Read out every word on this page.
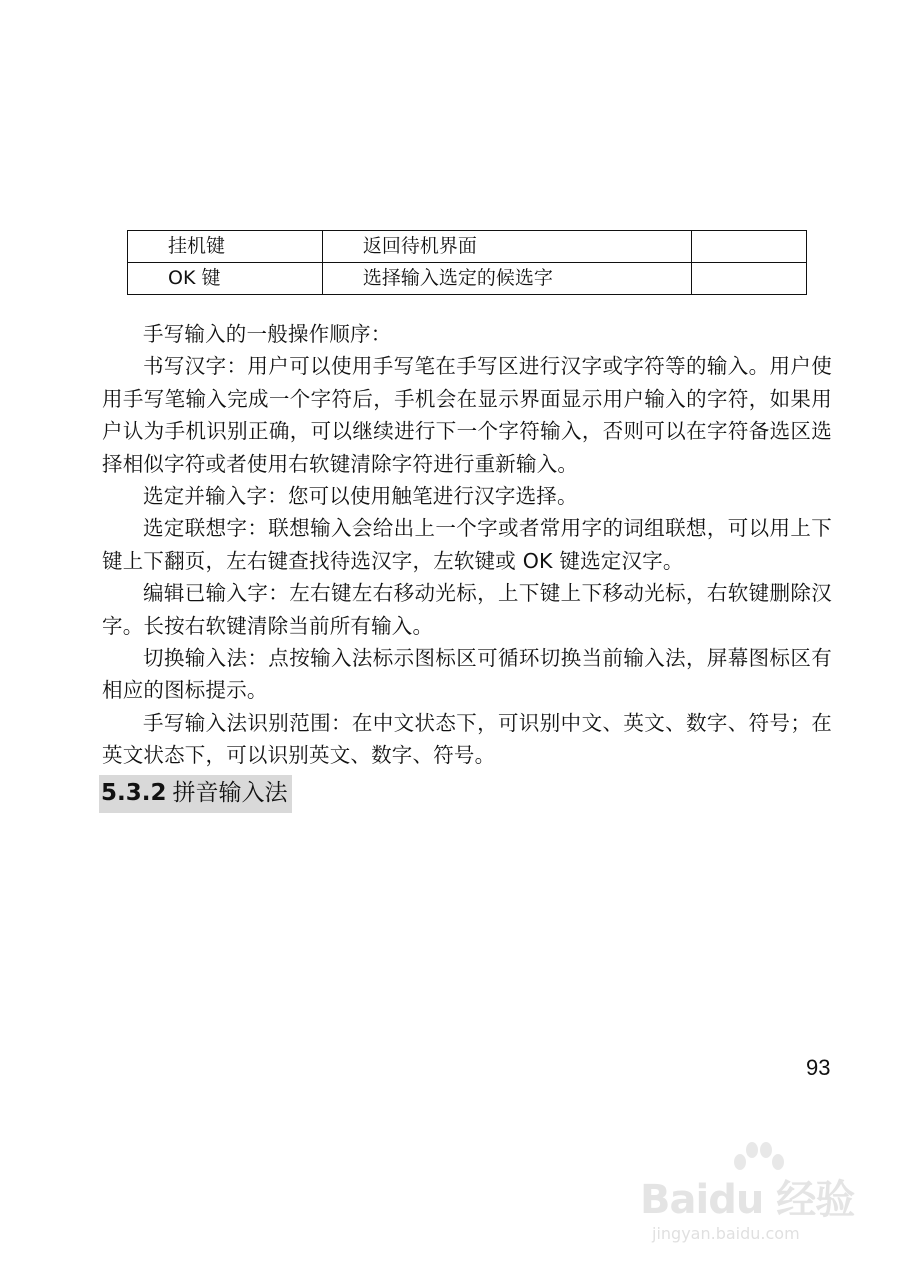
挂机键	返回待机界面	
OK 键	选择输入选定的候选字	

手写输入的一般操作顺序：

书写汉字：用户可以使用手写笔在手写区进行汉字或字符等的输入。用户使用手写笔输入完成一个字符后，手机会在显示界面显示用户输入的字符，如果用户认为手机识别正确，可以继续进行下一个字符输入，否则可以在字符备选区选择相似字符或者使用右软键清除字符进行重新输入。

选定并输入字：您可以使用触笔进行汉字选择。

选定联想字：联想输入会给出上一个字或者常用字的词组联想，可以用上下键上下翻页，左右键查找待选汉字，左软键或 OK 键选定汉字。

编辑已输入字：左右键左右移动光标，上下键上下移动光标，右软键删除汉字。长按右软键清除当前所有输入。

切换输入法：点按输入法标示图标区可循环切换当前输入法，屏幕图标区有相应的图标提示。

手写输入法识别范围：在中文状态下，可识别中文、英文、数字、符号；在英文状态下，可以识别英文、数字、符号。

5.3.2 拼音输入法
93
Baidu 经验
jingyan.baidu.com
